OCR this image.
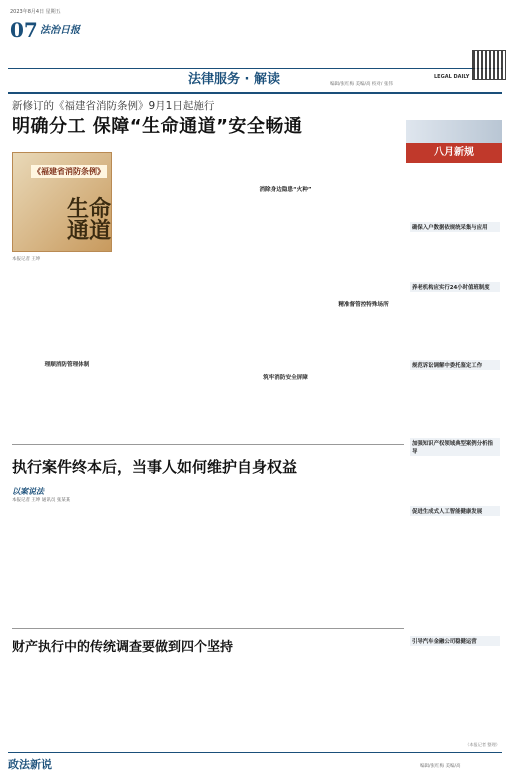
2023年8月4日 星期五
07 法治日报
法律服务 · 解读	编辑/张红梅 美编/高 校对/ 张伟
LEGAL DAILY
新修订的《福建省消防条例》9月1日起施行
明确分工 保障“生命通道”安全畅通
《福建省消防条例》
生命通道
本报记者 王坤
理顺消防管理体制
消除身边隐患“火种”
精准督管控特殊场所
筑牢消防安全屏障
八月新规
确保入户数据依规统采集与应用
养老机构应实行24小时值班制度
规范诉讼调解中委托鉴定工作
加强知识产权领域典型案例分析指导
促进生成式人工智能健康发展
引导汽车金融公司稳健运营
（本报记者 整理）
执行案件终本后，当事人如何维护自身权益
以案说法
本报记者 王坤 通讯员 张某某
财产执行中的传统调查要做到四个坚持
政法新说	编辑/张红梅 美编/高
